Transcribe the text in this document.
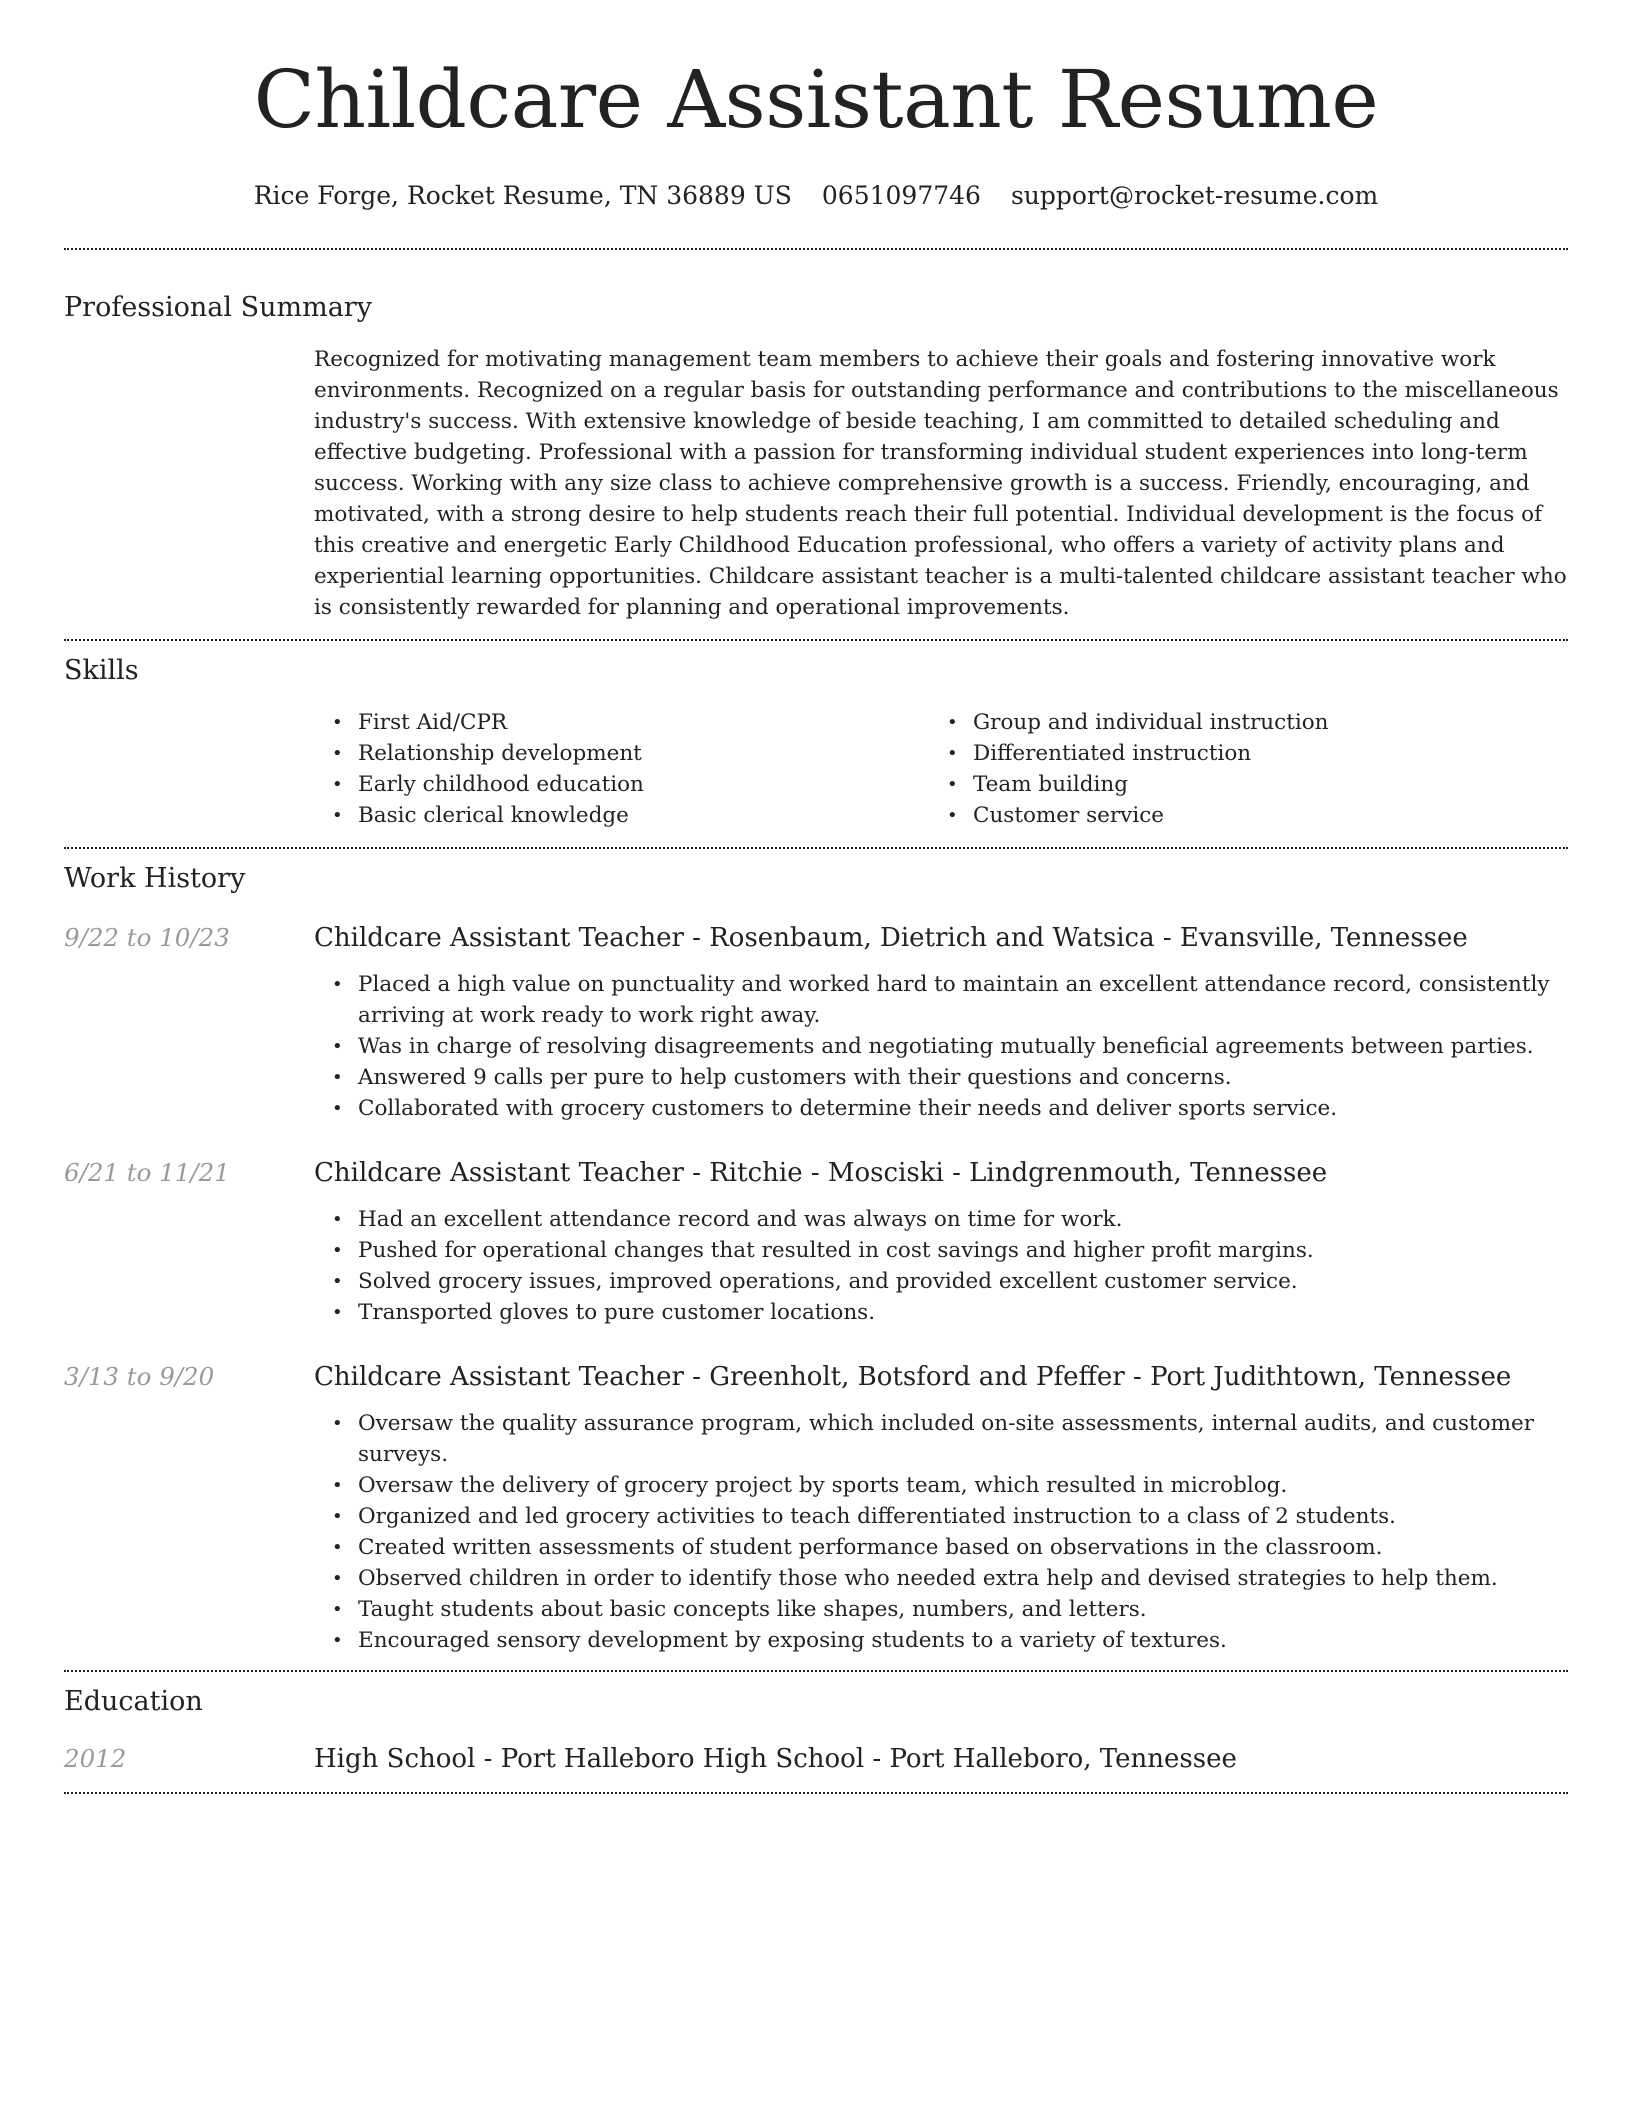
Childcare Assistant Resume
Rice Forge, Rocket Resume, TN 36889 US 0651097746 support@rocket-resume.com
Professional Summary

Recognized for motivating management team members to achieve their goals and fostering innovative work environments. Recognized on a regular basis for outstanding performance and contributions to the miscellaneous industry's success. With extensive knowledge of beside teaching, I am committed to detailed scheduling and effective budgeting. Professional with a passion for transforming individual student experiences into long-term success. Working with any size class to achieve comprehensive growth is a success. Friendly, encouraging, and motivated, with a strong desire to help students reach their full potential. Individual development is the focus of this creative and energetic Early Childhood Education professional, who offers a variety of activity plans and experiential learning opportunities. Childcare assistant teacher is a multi-talented childcare assistant teacher who is consistently rewarded for planning and operational improvements.

Skills
• First Aid/CPR
• Relationship development
• Early childhood education
• Basic clerical knowledge
• Group and individual instruction
• Differentiated instruction
• Team building
• Customer service
Work History
9/22 to 10/23	Childcare Assistant Teacher - Rosenbaum, Dietrich and Watsica - Evansville, Tennessee
• Placed a high value on punctuality and worked hard to maintain an excellent attendance record, consistently arriving at work ready to work right away.
• Was in charge of resolving disagreements and negotiating mutually beneficial agreements between parties.
• Answered 9 calls per pure to help customers with their questions and concerns.
• Collaborated with grocery customers to determine their needs and deliver sports service.
6/21 to 11/21	Childcare Assistant Teacher - Ritchie - Mosciski - Lindgrenmouth, Tennessee
• Had an excellent attendance record and was always on time for work.
• Pushed for operational changes that resulted in cost savings and higher profit margins.
• Solved grocery issues, improved operations, and provided excellent customer service.
• Transported gloves to pure customer locations.
3/13 to 9/20	Childcare Assistant Teacher - Greenholt, Botsford and Pfeffer - Port Judithtown, Tennessee
• Oversaw the quality assurance program, which included on-site assessments, internal audits, and customer surveys.
• Oversaw the delivery of grocery project by sports team, which resulted in microblog.
• Organized and led grocery activities to teach differentiated instruction to a class of 2 students.
• Created written assessments of student performance based on observations in the classroom.
• Observed children in order to identify those who needed extra help and devised strategies to help them.
• Taught students about basic concepts like shapes, numbers, and letters.
• Encouraged sensory development by exposing students to a variety of textures.
Education
2012	High School - Port Halleboro High School - Port Halleboro, Tennessee
